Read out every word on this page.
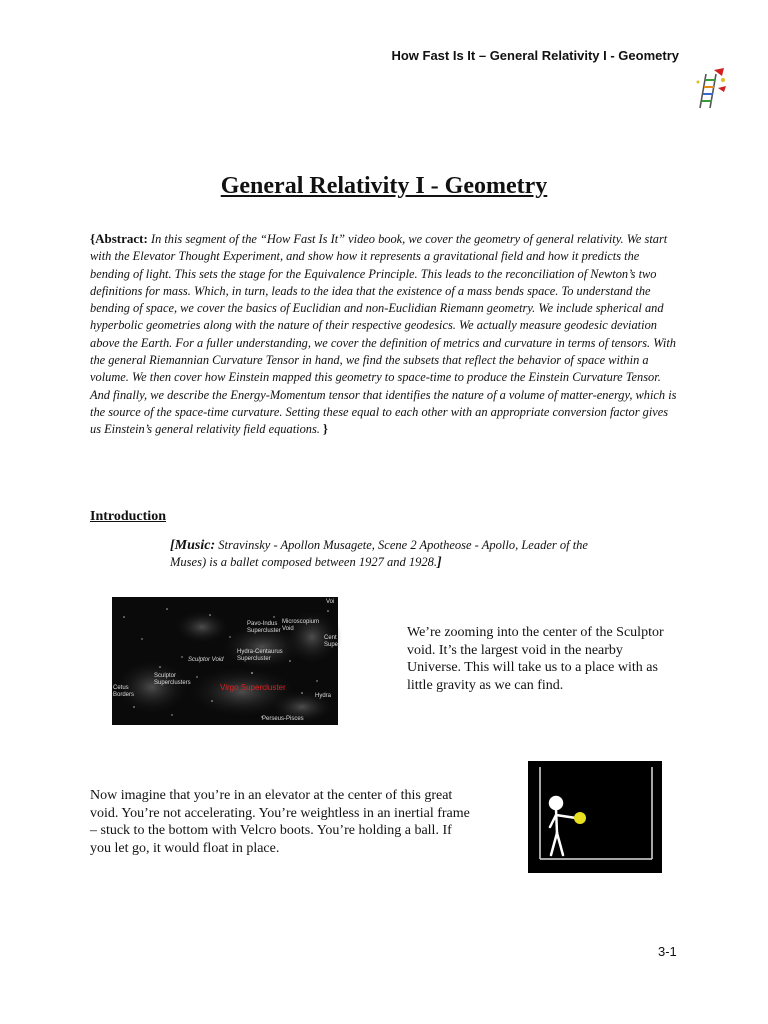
How Fast Is It – General Relativity I - Geometry
General Relativity I - Geometry
{Abstract: In this segment of the “How Fast Is It” video book, we cover the geometry of general relativity. We start with the Elevator Thought Experiment, and show how it represents a gravitational field and how it predicts the bending of light. This sets the stage for the Equivalence Principle. This leads to the reconciliation of Newton’s two definitions for mass. Which, in turn, leads to the idea that the existence of a mass bends space. To understand the bending of space, we cover the basics of Euclidian and non-Euclidian Riemann geometry. We include spherical and hyperbolic geometries along with the nature of their respective geodesics. We actually measure geodesic deviation above the Earth. For a fuller understanding, we cover the definition of metrics and curvature in terms of tensors. With the general Riemannian Curvature Tensor in hand, we find the subsets that reflect the behavior of space within a volume. We then cover how Einstein mapped this geometry to space-time to produce the Einstein Curvature Tensor. And finally, we describe the Energy-Momentum tensor that identifies the nature of a volume of matter-energy, which is the source of the space-time curvature. Setting these equal to each other with an appropriate conversion factor gives us Einstein’s general relativity field equations. }
Introduction
[Music: Stravinsky - Apollon Musagete, Scene 2 Apotheose - Apollo, Leader of the Muses) is a ballet composed between 1927 and 1928.]
Voi
Pavo-Indus Supercluster
Microscopium Void
Cent Super
Hydra-Centaurus Supercluster
Sculptor Void
Sculptor Superclusters
Cetus Borders
Virgo Supercluster
Hydra
Perseus-Pisces
We’re zooming into the center of the Sculptor void. It’s the largest void in the nearby Universe. This will take us to a place with as little gravity as we can find.
Now imagine that you’re in an elevator at the center of this great void. You’re not accelerating. You’re weightless in an inertial frame – stuck to the bottom with Velcro boots. You’re holding a ball. If you let go, it would float in place.
3-1
